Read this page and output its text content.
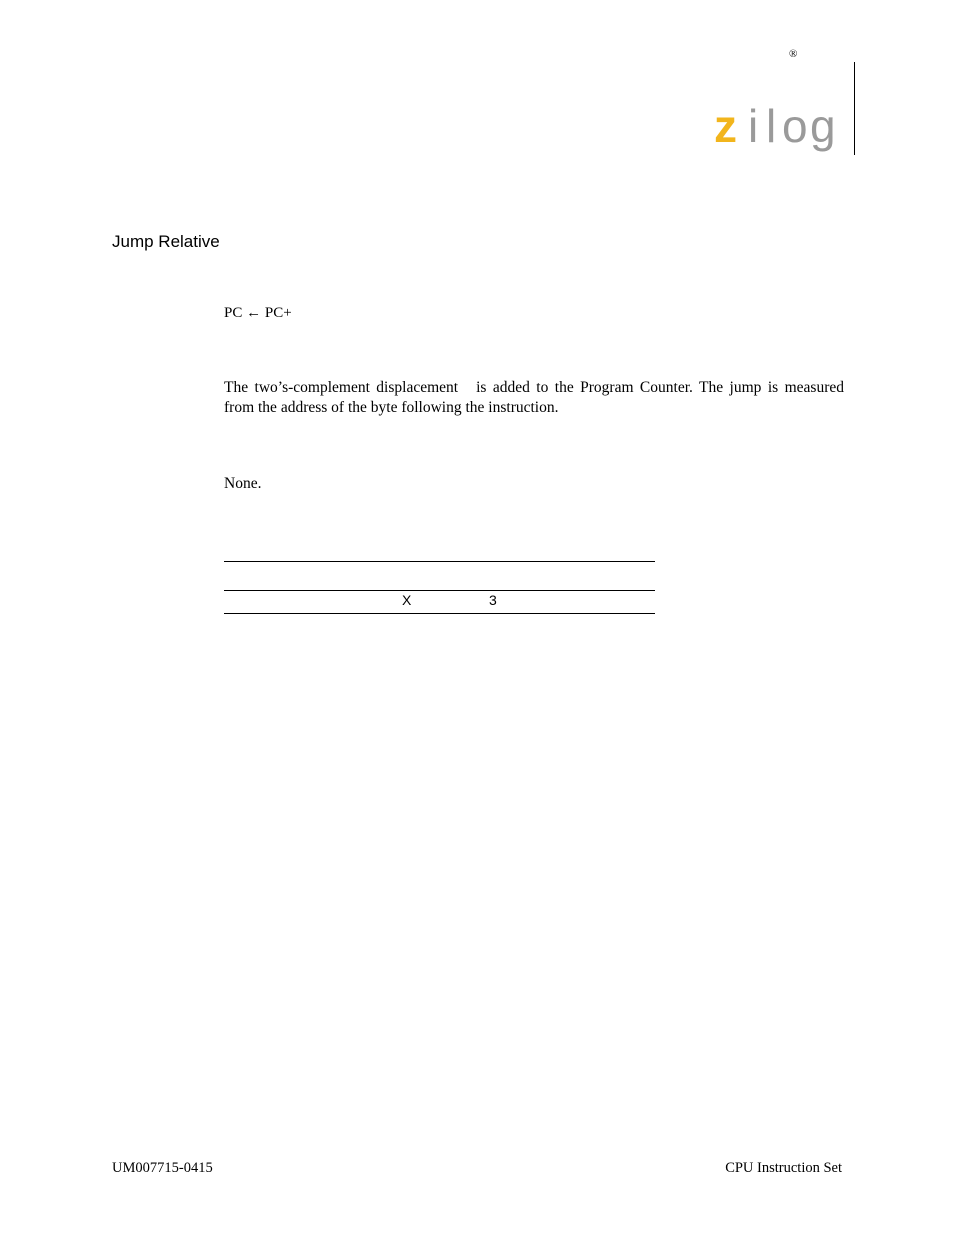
®
z i l o g
Jump Relative
PC ← PC+
The two’s-complement displacement is added to the Program Counter. The jump is measured from the address of the byte following the instruction.
None.
X	3
UM007715-0415	CPU Instruction Set
